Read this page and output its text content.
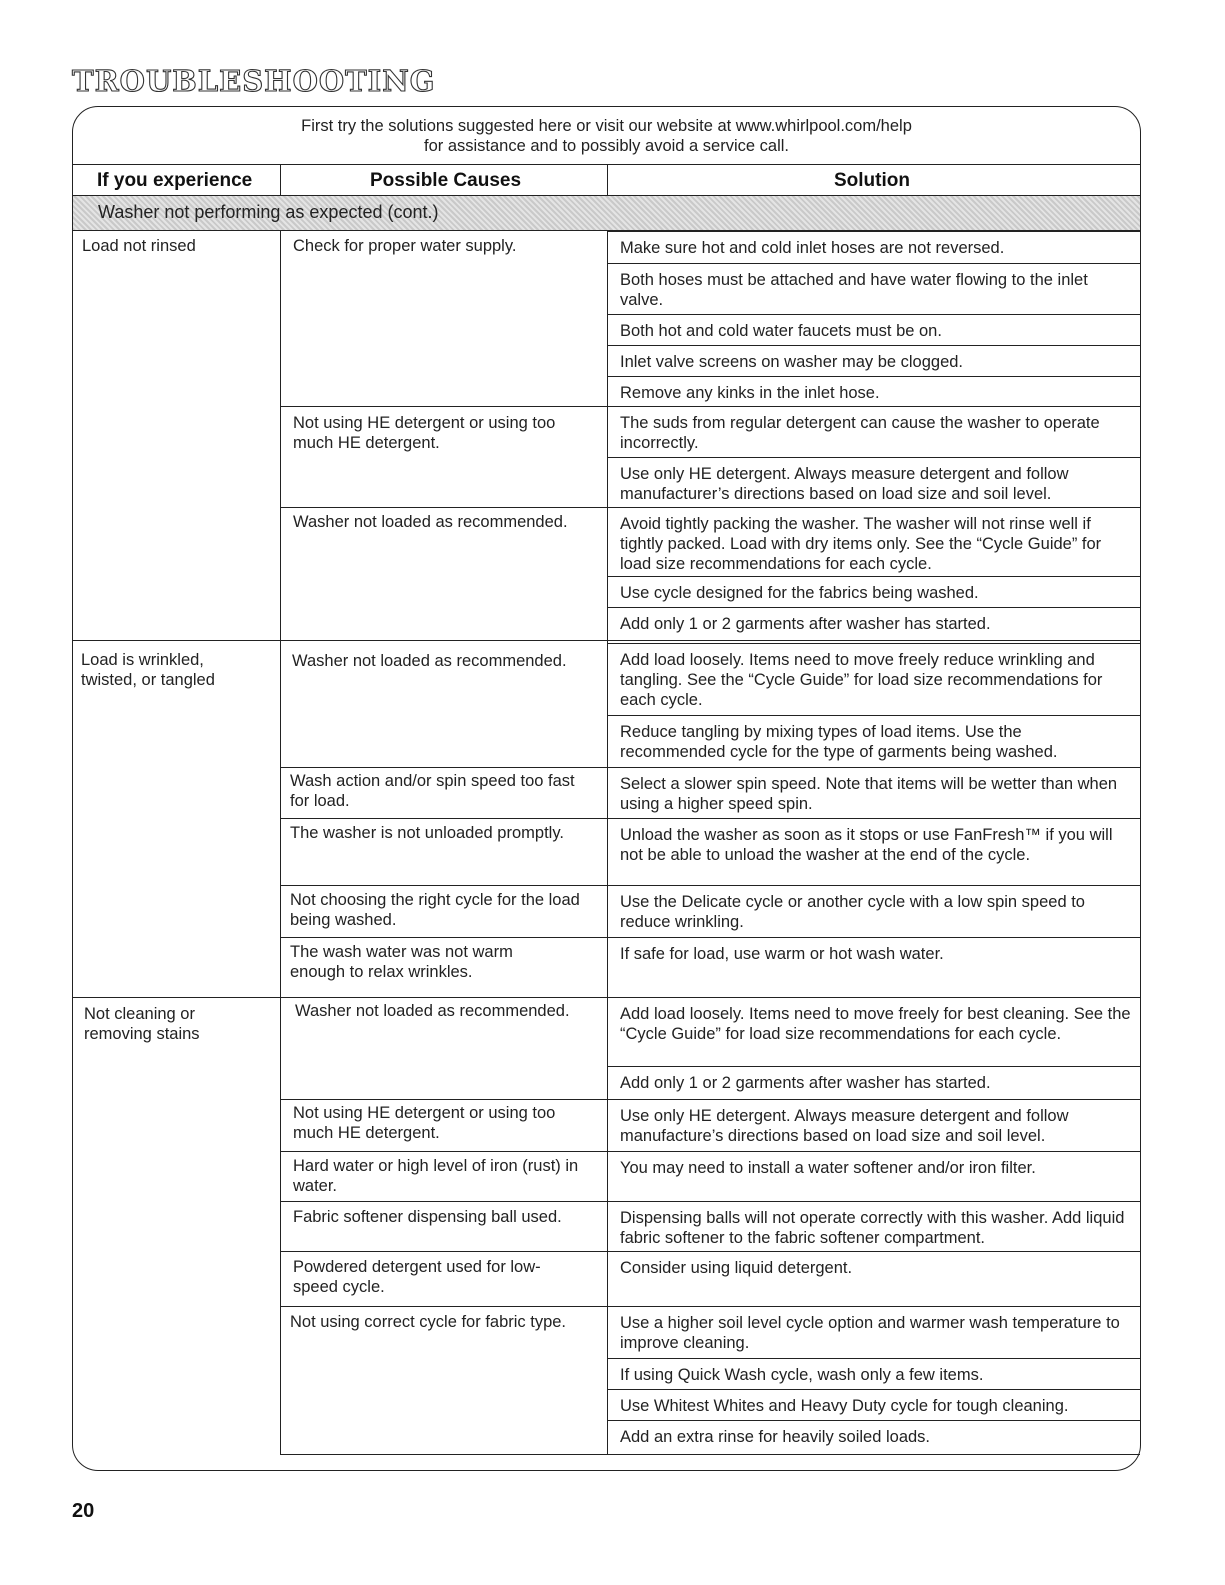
TROUBLESHOOTING
First try the solutions suggested here or visit our website at www.whirlpool.com/help
for assistance and to possibly avoid a service call.
If you experience	Possible Causes	Solution
Washer not performing as expected (cont.)
Load not rinsed
Load is wrinkled, twisted, or tangled
Not cleaning or removing stains
Check for proper water supply.
Not using HE detergent or using too much HE detergent.
Washer not loaded as recommended.
Washer not loaded as recommended.
Wash action and/or spin speed too fast for load.
The washer is not unloaded promptly.
Not choosing the right cycle for the load being washed.
The wash water was not warm enough to relax wrinkles.
Washer not loaded as recommended.
Not using HE detergent or using too much HE detergent.
Hard water or high level of iron (rust) in water.
Fabric softener dispensing ball used.
Powdered detergent used for low-speed cycle.
Not using correct cycle for fabric type.
Make sure hot and cold inlet hoses are not reversed.
Both hoses must be attached and have water flowing to the inlet valve.
Both hot and cold water faucets must be on.
Inlet valve screens on washer may be clogged.
Remove any kinks in the inlet hose.
The suds from regular detergent can cause the washer to operate incorrectly.
Use only HE detergent. Always measure detergent and follow manufacturer’s directions based on load size and soil level.
Avoid tightly packing the washer. The washer will not rinse well if tightly packed. Load with dry items only. See the “Cycle Guide” for load size recommendations for each cycle.
Use cycle designed for the fabrics being washed.
Add only 1 or 2 garments after washer has started.
Add load loosely. Items need to move freely reduce wrinkling and tangling. See the “Cycle Guide” for load size recommendations for each cycle.
Reduce tangling by mixing types of load items. Use the recommended cycle for the type of garments being washed.
Select a slower spin speed. Note that items will be wetter than when using a higher speed spin.
Unload the washer as soon as it stops or use FanFresh™ if you will not be able to unload the washer at the end of the cycle.
Use the Delicate cycle or another cycle with a low spin speed to reduce wrinkling.
If safe for load, use warm or hot wash water.
Add load loosely. Items need to move freely for best cleaning. See the “Cycle Guide” for load size recommendations for each cycle.
Add only 1 or 2 garments after washer has started.
Use only HE detergent. Always measure detergent and follow manufacture’s directions based on load size and soil level.
You may need to install a water softener and/or iron filter.
Dispensing balls will not operate correctly with this washer. Add liquid fabric softener to the fabric softener compartment.
Consider using liquid detergent.
Use a higher soil level cycle option and warmer wash temperature to improve cleaning.
If using Quick Wash cycle, wash only a few items.
Use Whitest Whites and Heavy Duty cycle for tough cleaning.
Add an extra rinse for heavily soiled loads.
20
